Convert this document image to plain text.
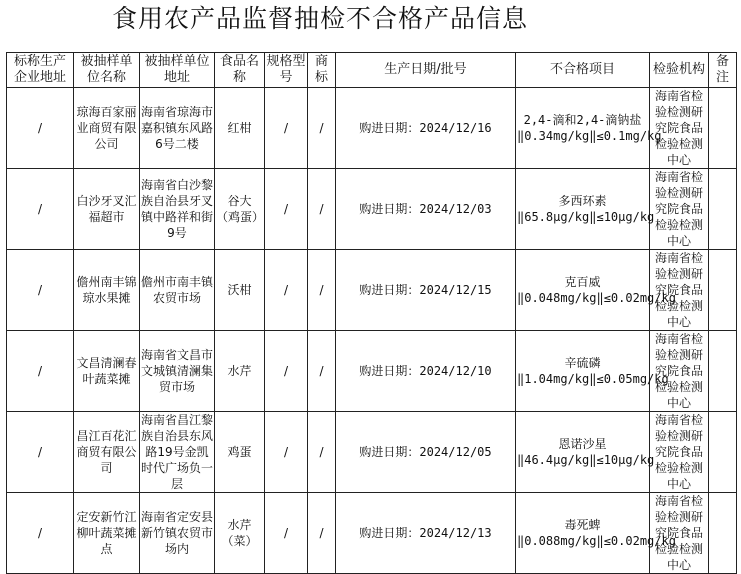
食用农产品监督抽检不合格产品信息
标称生产企业地址	被抽样单位名称	被抽样单位地址	食品名称	规格型号	商标	生产日期/批号	不合格项目	检验机构	备注
/	琼海百家丽业商贸有限公司	海南省琼海市嘉积镇东风路6号二楼	红柑	/	/	购进日期：2024/12/16	2,4-滴和2,4-滴钠盐‖0.34mg/kg‖≤0.1mg/kg	海南省检验检测研究院食品检验检测中心	
/	白沙牙叉汇福超市	海南省白沙黎族自治县牙叉镇中路祥和街9号	谷大（鸡蛋）	/	/	购进日期：2024/12/03	多西环素‖65.8μg/kg‖≤10μg/kg	海南省检验检测研究院食品检验检测中心	
/	儋州南丰锦琼水果摊	儋州市南丰镇农贸市场	沃柑	/	/	购进日期：2024/12/15	克百威‖0.048mg/kg‖≤0.02mg/kg	海南省检验检测研究院食品检验检测中心	
/	文昌清澜春叶蔬菜摊	海南省文昌市文城镇清澜集贸市场	水芹	/	/	购进日期：2024/12/10	辛硫磷‖1.04mg/kg‖≤0.05mg/kg	海南省检验检测研究院食品检验检测中心	
/	昌江百花汇商贸有限公司	海南省昌江黎族自治县东风路19号金凯时代广场负一层	鸡蛋	/	/	购进日期：2024/12/05	恩诺沙星‖46.4μg/kg‖≤10μg/kg	海南省检验检测研究院食品检验检测中心	
/	定安新竹江柳叶蔬菜摊点	海南省定安县新竹镇农贸市场内	水芹（菜）	/	/	购进日期：2024/12/13	毒死蜱‖0.088mg/kg‖≤0.02mg/kg	海南省检验检测研究院食品检验检测中心	
